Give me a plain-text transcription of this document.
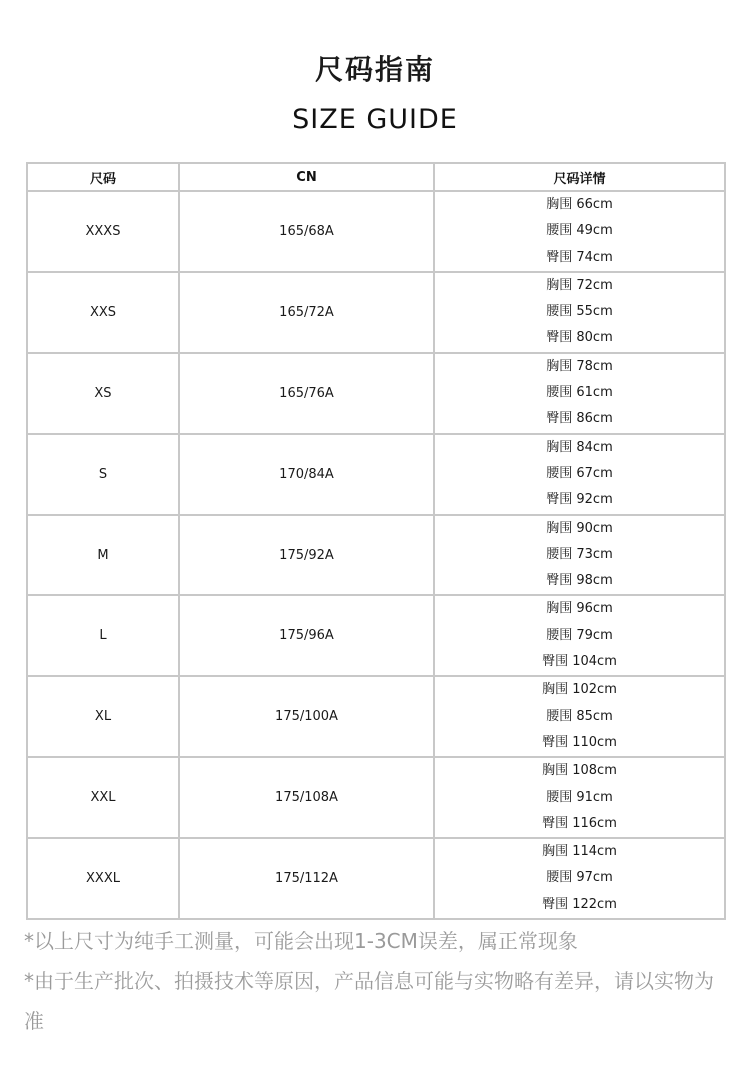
尺码指南
SIZE GUIDE
尺码	CN	尺码详情
XXXS	165/68A	胸围 66cm
腰围 49cm
臀围 74cm

XXS	165/72A	胸围 72cm
腰围 55cm
臀围 80cm

XS	165/76A	胸围 78cm
腰围 61cm
臀围 86cm

S	170/84A	胸围 84cm
腰围 67cm
臀围 92cm

M	175/92A	胸围 90cm
腰围 73cm
臀围 98cm

L	175/96A	胸围 96cm
腰围 79cm
臀围 104cm

XL	175/100A	胸围 102cm
腰围 85cm
臀围 110cm

XXL	175/108A	胸围 108cm
腰围 91cm
臀围 116cm

XXXL	175/112A	胸围 114cm
腰围 97cm
臀围 122cm
*以上尺寸为纯手工测量，可能会出现1-3CM误差，属正常现象
*由于生产批次、拍摄技术等原因，产品信息可能与实物略有差异，请以实物为准
